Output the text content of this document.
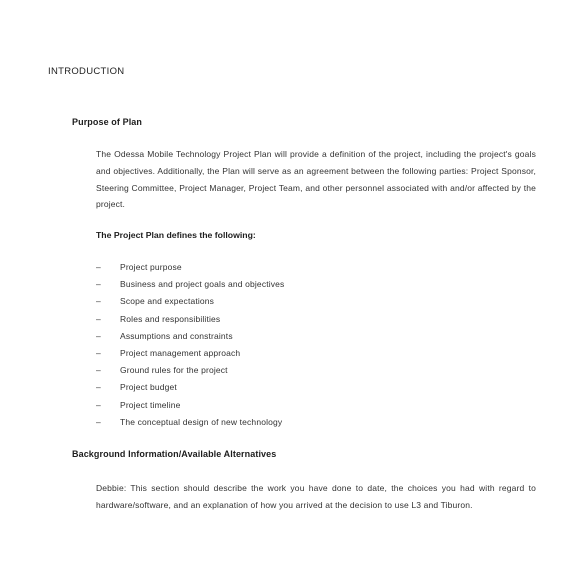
INTRODUCTION
Purpose of Plan
The Odessa Mobile Technology Project Plan will provide a definition of the project, including the project's goals and objectives. Additionally, the Plan will serve as an agreement between the following parties: Project Sponsor, Steering Committee, Project Manager, Project Team, and other personnel associated with and/or affected by the project.
The Project Plan defines the following:
– Project purpose
– Business and project goals and objectives
– Scope and expectations
– Roles and responsibilities
– Assumptions and constraints
– Project management approach
– Ground rules for the project
– Project budget
– Project timeline
– The conceptual design of new technology
Background Information/Available Alternatives
Debbie: This section should describe the work you have done to date, the choices you had with regard to hardware/software, and an explanation of how you arrived at the decision to use L3 and Tiburon.
